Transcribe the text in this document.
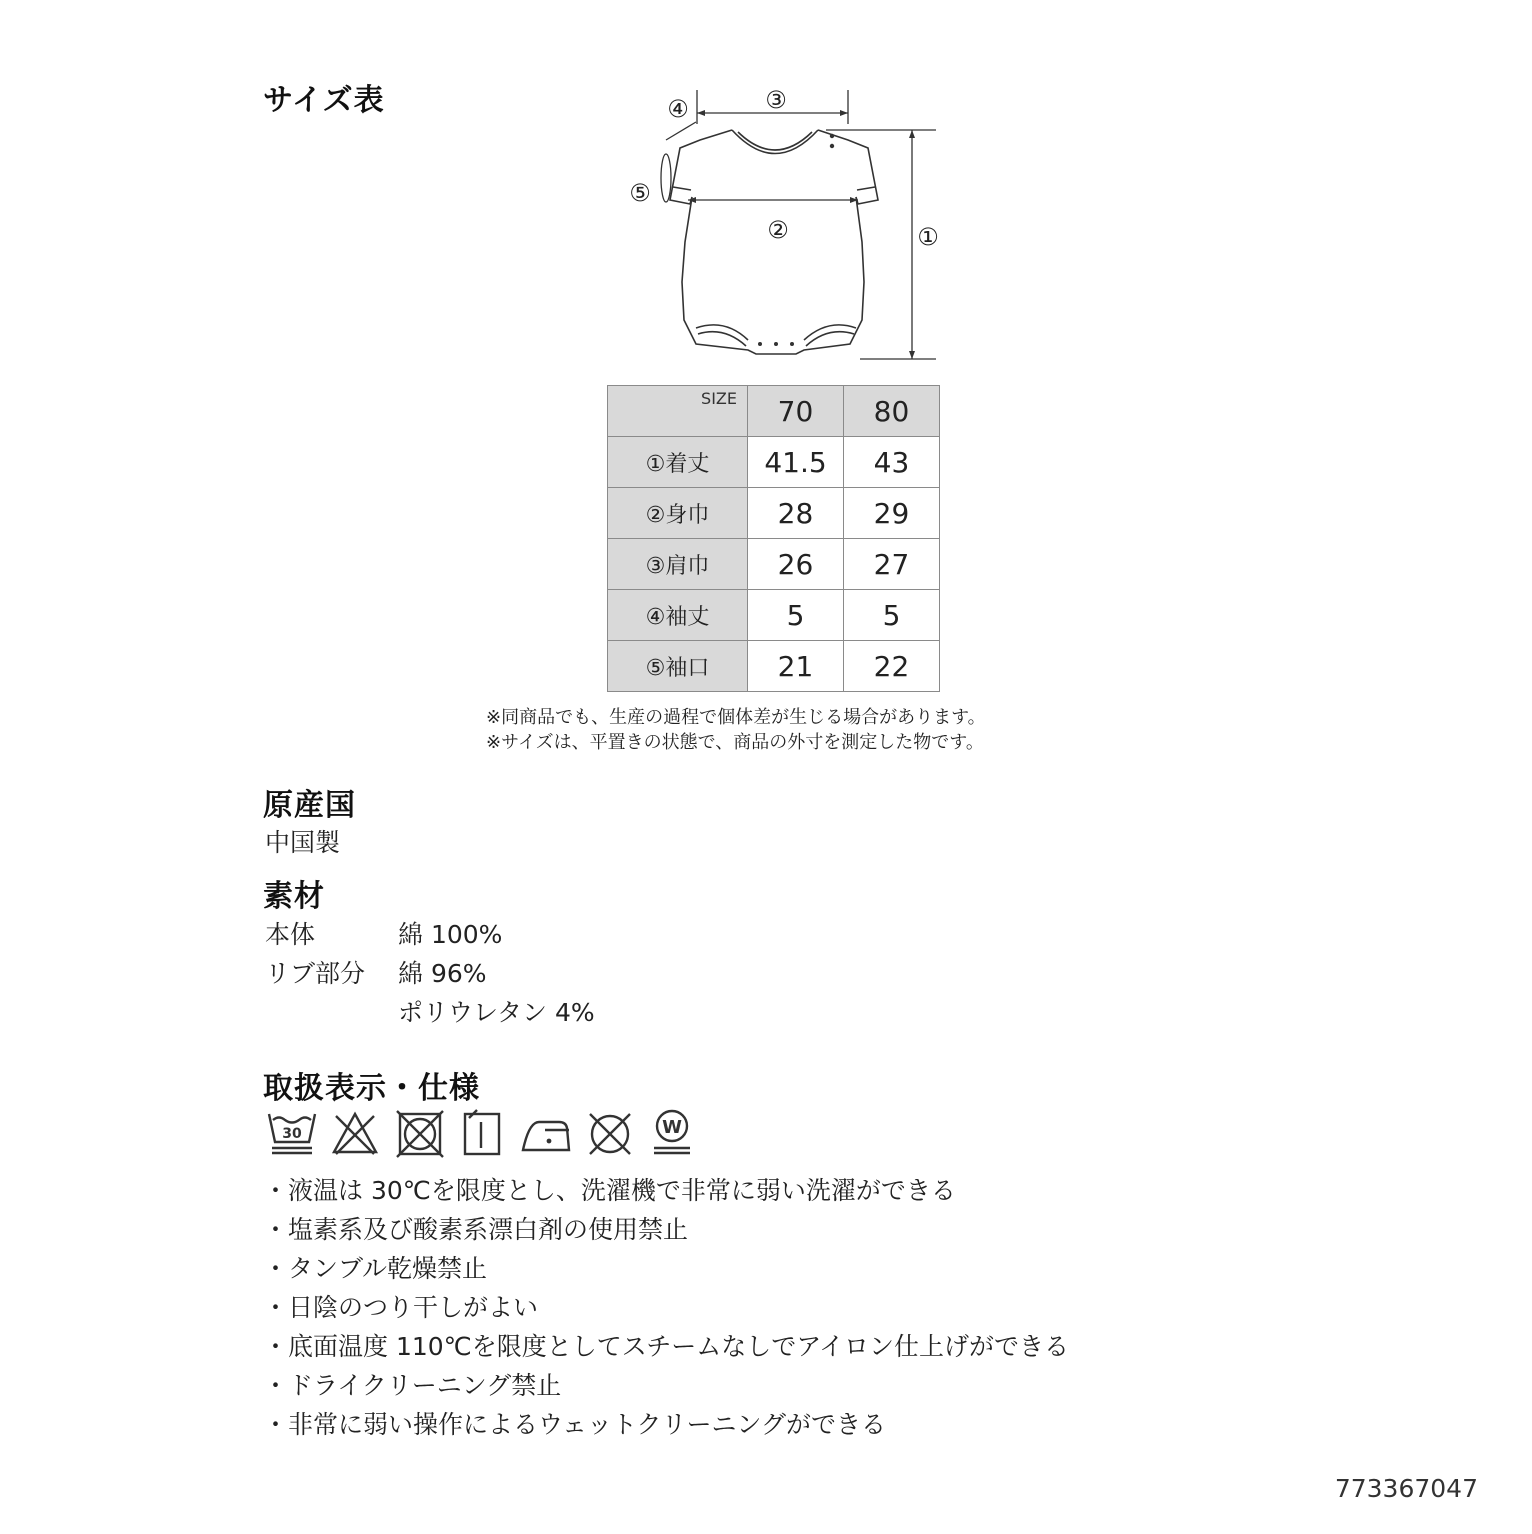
サイズ表	③
④
⑤
②	①
SIZE	70	80
①着丈	41.5	43
②身巾	28	29
③肩巾	26	27
④袖丈	5	5
⑤袖口	21	22
※同商品でも、生産の過程で個体差が生じる場合があります。
※サイズは、平置きの状態で、商品の外寸を測定した物です。
原産国
中国製
素材
本体	綿 100%
リブ部分 綿 96%
ポリウレタン 4%
取扱表示・仕様
30	W
・液温は 30℃を限度とし、洗濯機で非常に弱い洗濯ができる
・塩素系及び酸素系漂白剤の使用禁止
・タンブル乾燥禁止
・日陰のつり干しがよい
・底面温度 110℃を限度としてスチームなしでアイロン仕上げができる
・ドライクリーニング禁止
・非常に弱い操作によるウェットクリーニングができる
773367047
